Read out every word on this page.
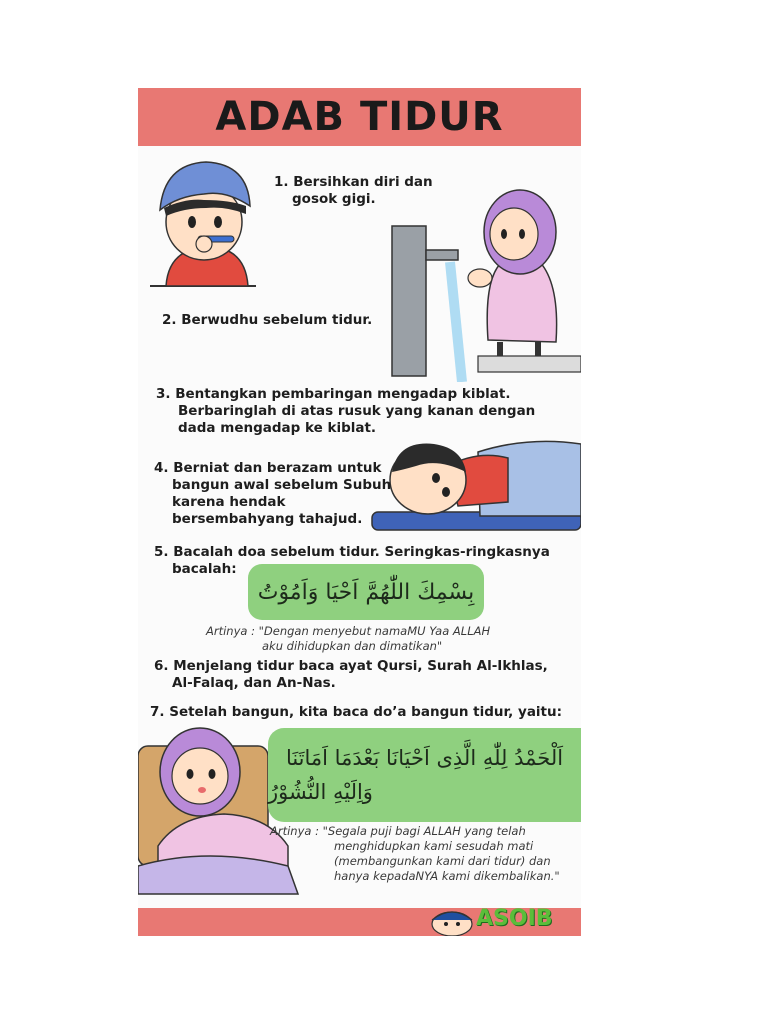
ADAB TIDUR
1. Bersihkan diri dan
gosok gigi.
2. Berwudhu sebelum tidur.
3. Bentangkan pembaringan mengadap kiblat.
Berbaringlah di atas rusuk yang kanan dengan
dada mengadap ke kiblat.
4. Berniat dan berazam untuk
bangun awal sebelum Subuh
karena hendak
bersembahyang tahajud.
5. Bacalah doa sebelum tidur. Seringkas-ringkasnya
bacalah:
بِسْمِكَ اللّٰهُمَّ اَحْيَا وَاَمُوْتُ
Artinya : "Dengan menyebut namaMU Yaa ALLAH
aku dihidupkan dan dimatikan"
6. Menjelang tidur baca ayat Qursi, Surah Al-Ikhlas,
Al-Falaq, dan An-Nas.
7. Setelah bangun, kita baca do’a bangun tidur, yaitu:
اَلْحَمْدُ لِلّٰهِ الَّذِى اَحْيَانَا بَعْدَمَا اَمَاتَنَا
وَاِلَيْهِ النُّشُوْرُ
Artinya : "Segala puji bagi ALLAH yang telah
menghidupkan kami sesudah mati
(membangunkan kami dari tidur) dan
hanya kepadaNYA kami dikembalikan."
ASOIB
